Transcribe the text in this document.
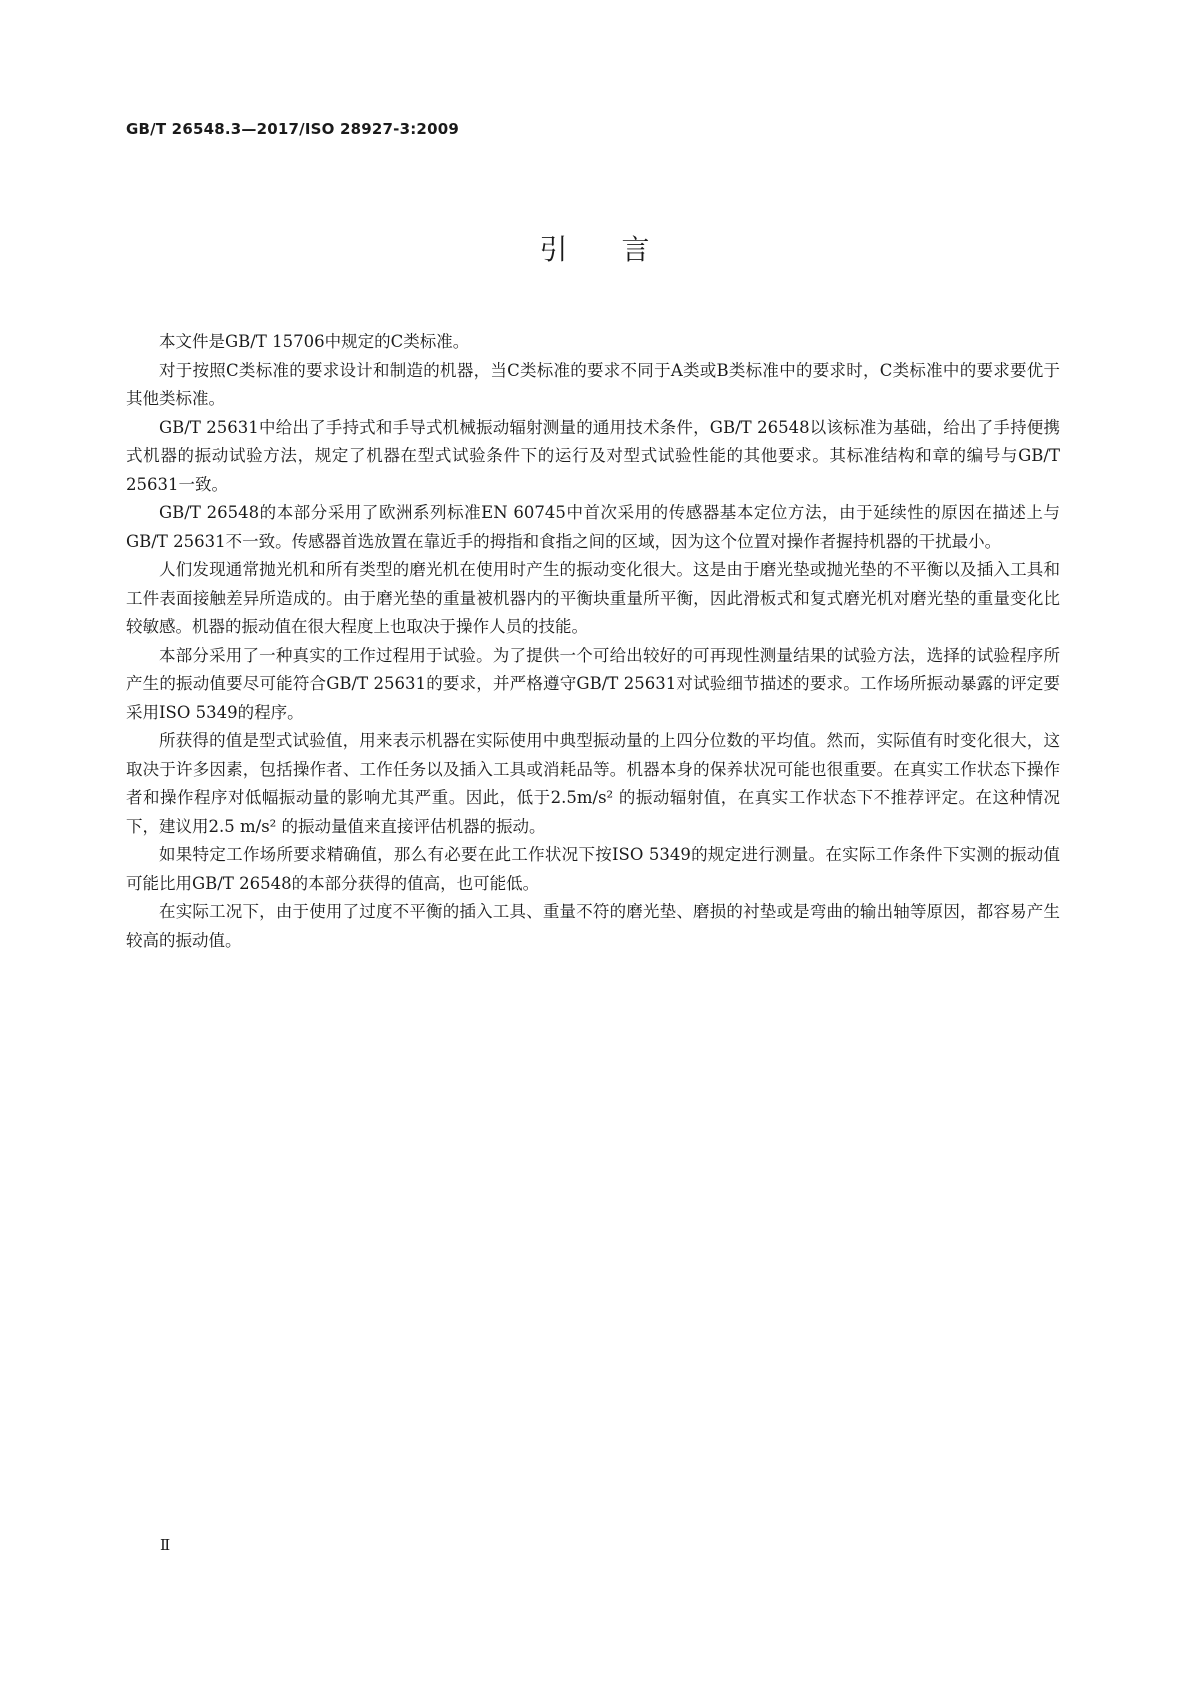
GB/T 26548.3—2017/ISO 28927-3:2009
引 言

本文件是GB/T 15706中规定的C类标准。

对于按照C类标准的要求设计和制造的机器，当C类标准的要求不同于A类或B类标准中的要求时，C类标准中的要求要优于其他类标准。

GB/T 25631中给出了手持式和手导式机械振动辐射测量的通用技术条件，GB/T 26548以该标准为基础，给出了手持便携式机器的振动试验方法，规定了机器在型式试验条件下的运行及对型式试验性能的其他要求。其标准结构和章的编号与GB/T 25631一致。

GB/T 26548的本部分采用了欧洲系列标准EN 60745中首次采用的传感器基本定位方法，由于延续性的原因在描述上与GB/T 25631不一致。传感器首选放置在靠近手的拇指和食指之间的区域，因为这个位置对操作者握持机器的干扰最小。

人们发现通常抛光机和所有类型的磨光机在使用时产生的振动变化很大。这是由于磨光垫或抛光垫的不平衡以及插入工具和工件表面接触差异所造成的。由于磨光垫的重量被机器内的平衡块重量所平衡，因此滑板式和复式磨光机对磨光垫的重量变化比较敏感。机器的振动值在很大程度上也取决于操作人员的技能。

本部分采用了一种真实的工作过程用于试验。为了提供一个可给出较好的可再现性测量结果的试验方法，选择的试验程序所产生的振动值要尽可能符合GB/T 25631的要求，并严格遵守GB/T 25631对试验细节描述的要求。工作场所振动暴露的评定要采用ISO 5349的程序。

所获得的值是型式试验值，用来表示机器在实际使用中典型振动量的上四分位数的平均值。然而，实际值有时变化很大，这取决于许多因素，包括操作者、工作任务以及插入工具或消耗品等。机器本身的保养状况可能也很重要。在真实工作状态下操作者和操作程序对低幅振动量的影响尤其严重。因此，低于2.5m/s² 的振动辐射值，在真实工作状态下不推荐评定。在这种情况下，建议用2.5 m/s² 的振动量值来直接评估机器的振动。

如果特定工作场所要求精确值，那么有必要在此工作状况下按ISO 5349的规定进行测量。在实际工作条件下实测的振动值可能比用GB/T 26548的本部分获得的值高，也可能低。

在实际工况下，由于使用了过度不平衡的插入工具、重量不符的磨光垫、磨损的衬垫或是弯曲的输出轴等原因，都容易产生较高的振动值。

Ⅱ
